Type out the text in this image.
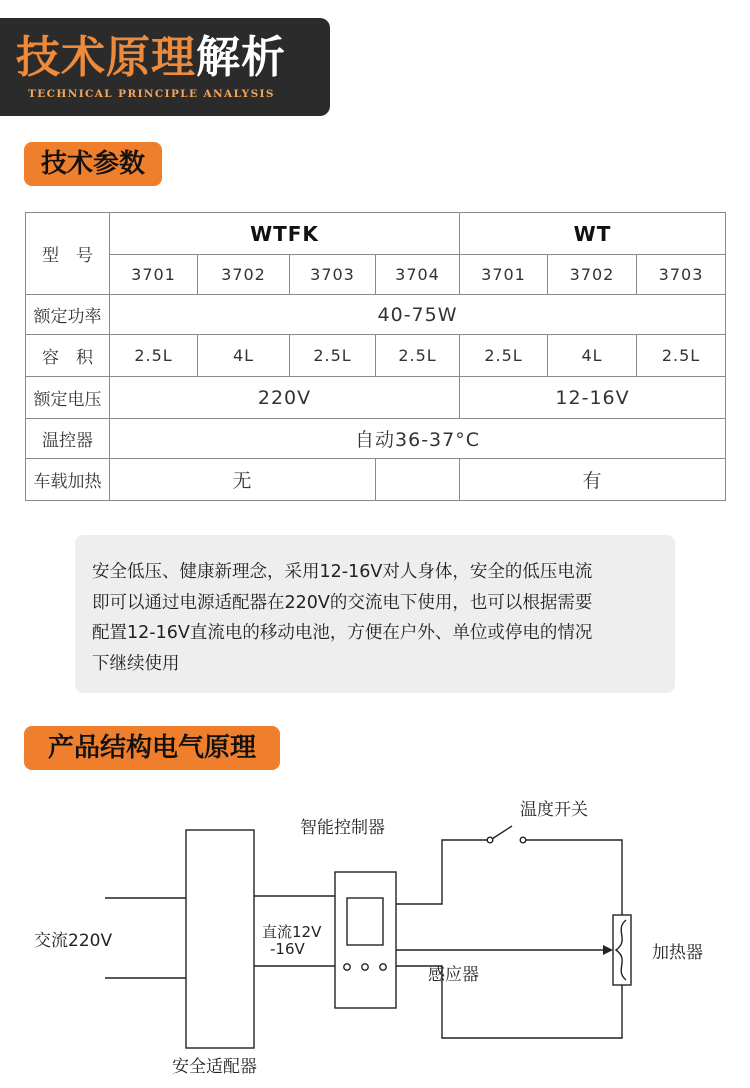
技术原理解析
TECHNICAL PRINCIPLE ANALYSIS
技术参数
型　号	WTFK				WT		
	3701	3702	3703	3704	3701	3702	3703
额定功率	40-75W						
容　积	2.5L	4L	2.5L	2.5L	2.5L	4L	2.5L
额定电压	220V				12-16V		
温控器	自动36-37°C						
车载加热	无				有		
安全低压、健康新理念，采用12-16V对人身体，安全的低压电流
即可以通过电源适配器在220V的交流电下使用，也可以根据需要
配置12-16V直流电的移动电池，方便在户外、单位或停电的情况
下继续使用
产品结构电气原理
交流220V
安全适配器
直流12V
-16V
智能控制器
温度开关
感应器
加热器
